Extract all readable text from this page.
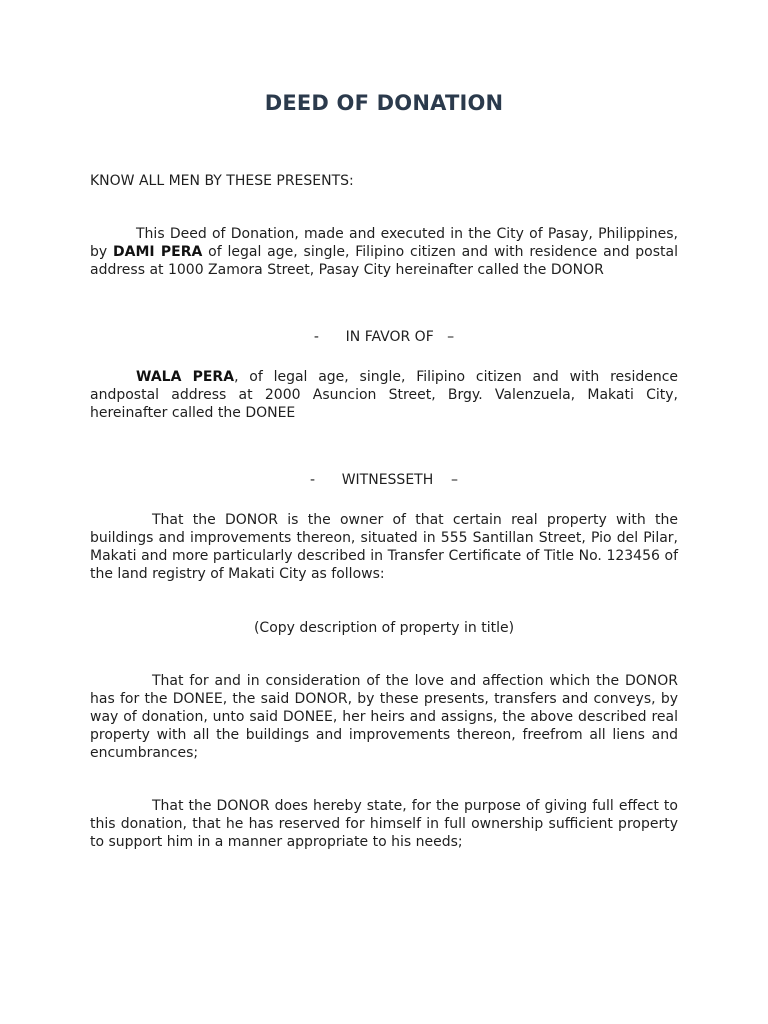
DEED OF DONATION

KNOW ALL MEN BY THESE PRESENTS:

This Deed of Donation, made and executed in the City of Pasay, Philippines, by DAMI PERA of legal age, single, Filipino citizen and with residence and postal address at 1000 Zamora Street, Pasay City hereinafter called the DONOR

-      IN FAVOR OF   –

WALA PERA, of legal age, single, Filipino citizen and with residence andpostal address at 2000 Asuncion Street, Brgy. Valenzuela, Makati City, hereinafter called the DONEE

-      WITNESSETH    –

That the DONOR is the owner of that certain real property with the buildings and improvements thereon, situated in 555 Santillan Street, Pio del Pilar, Makati and more particularly described in Transfer Certificate of Title No. 123456 of the land registry of Makati City as follows:

(Copy description of property in title)

That for and in consideration of the love and affection which the DONOR has for the DONEE, the said DONOR, by these presents, transfers and conveys, by way of donation, unto said DONEE, her heirs and assigns, the above described real property with all the buildings and improvements thereon, freefrom all liens and encumbrances;

That the DONOR does hereby state, for the purpose of giving full effect to this donation, that he has reserved for himself in full ownership sufficient property to support him in a manner appropriate to his needs;
